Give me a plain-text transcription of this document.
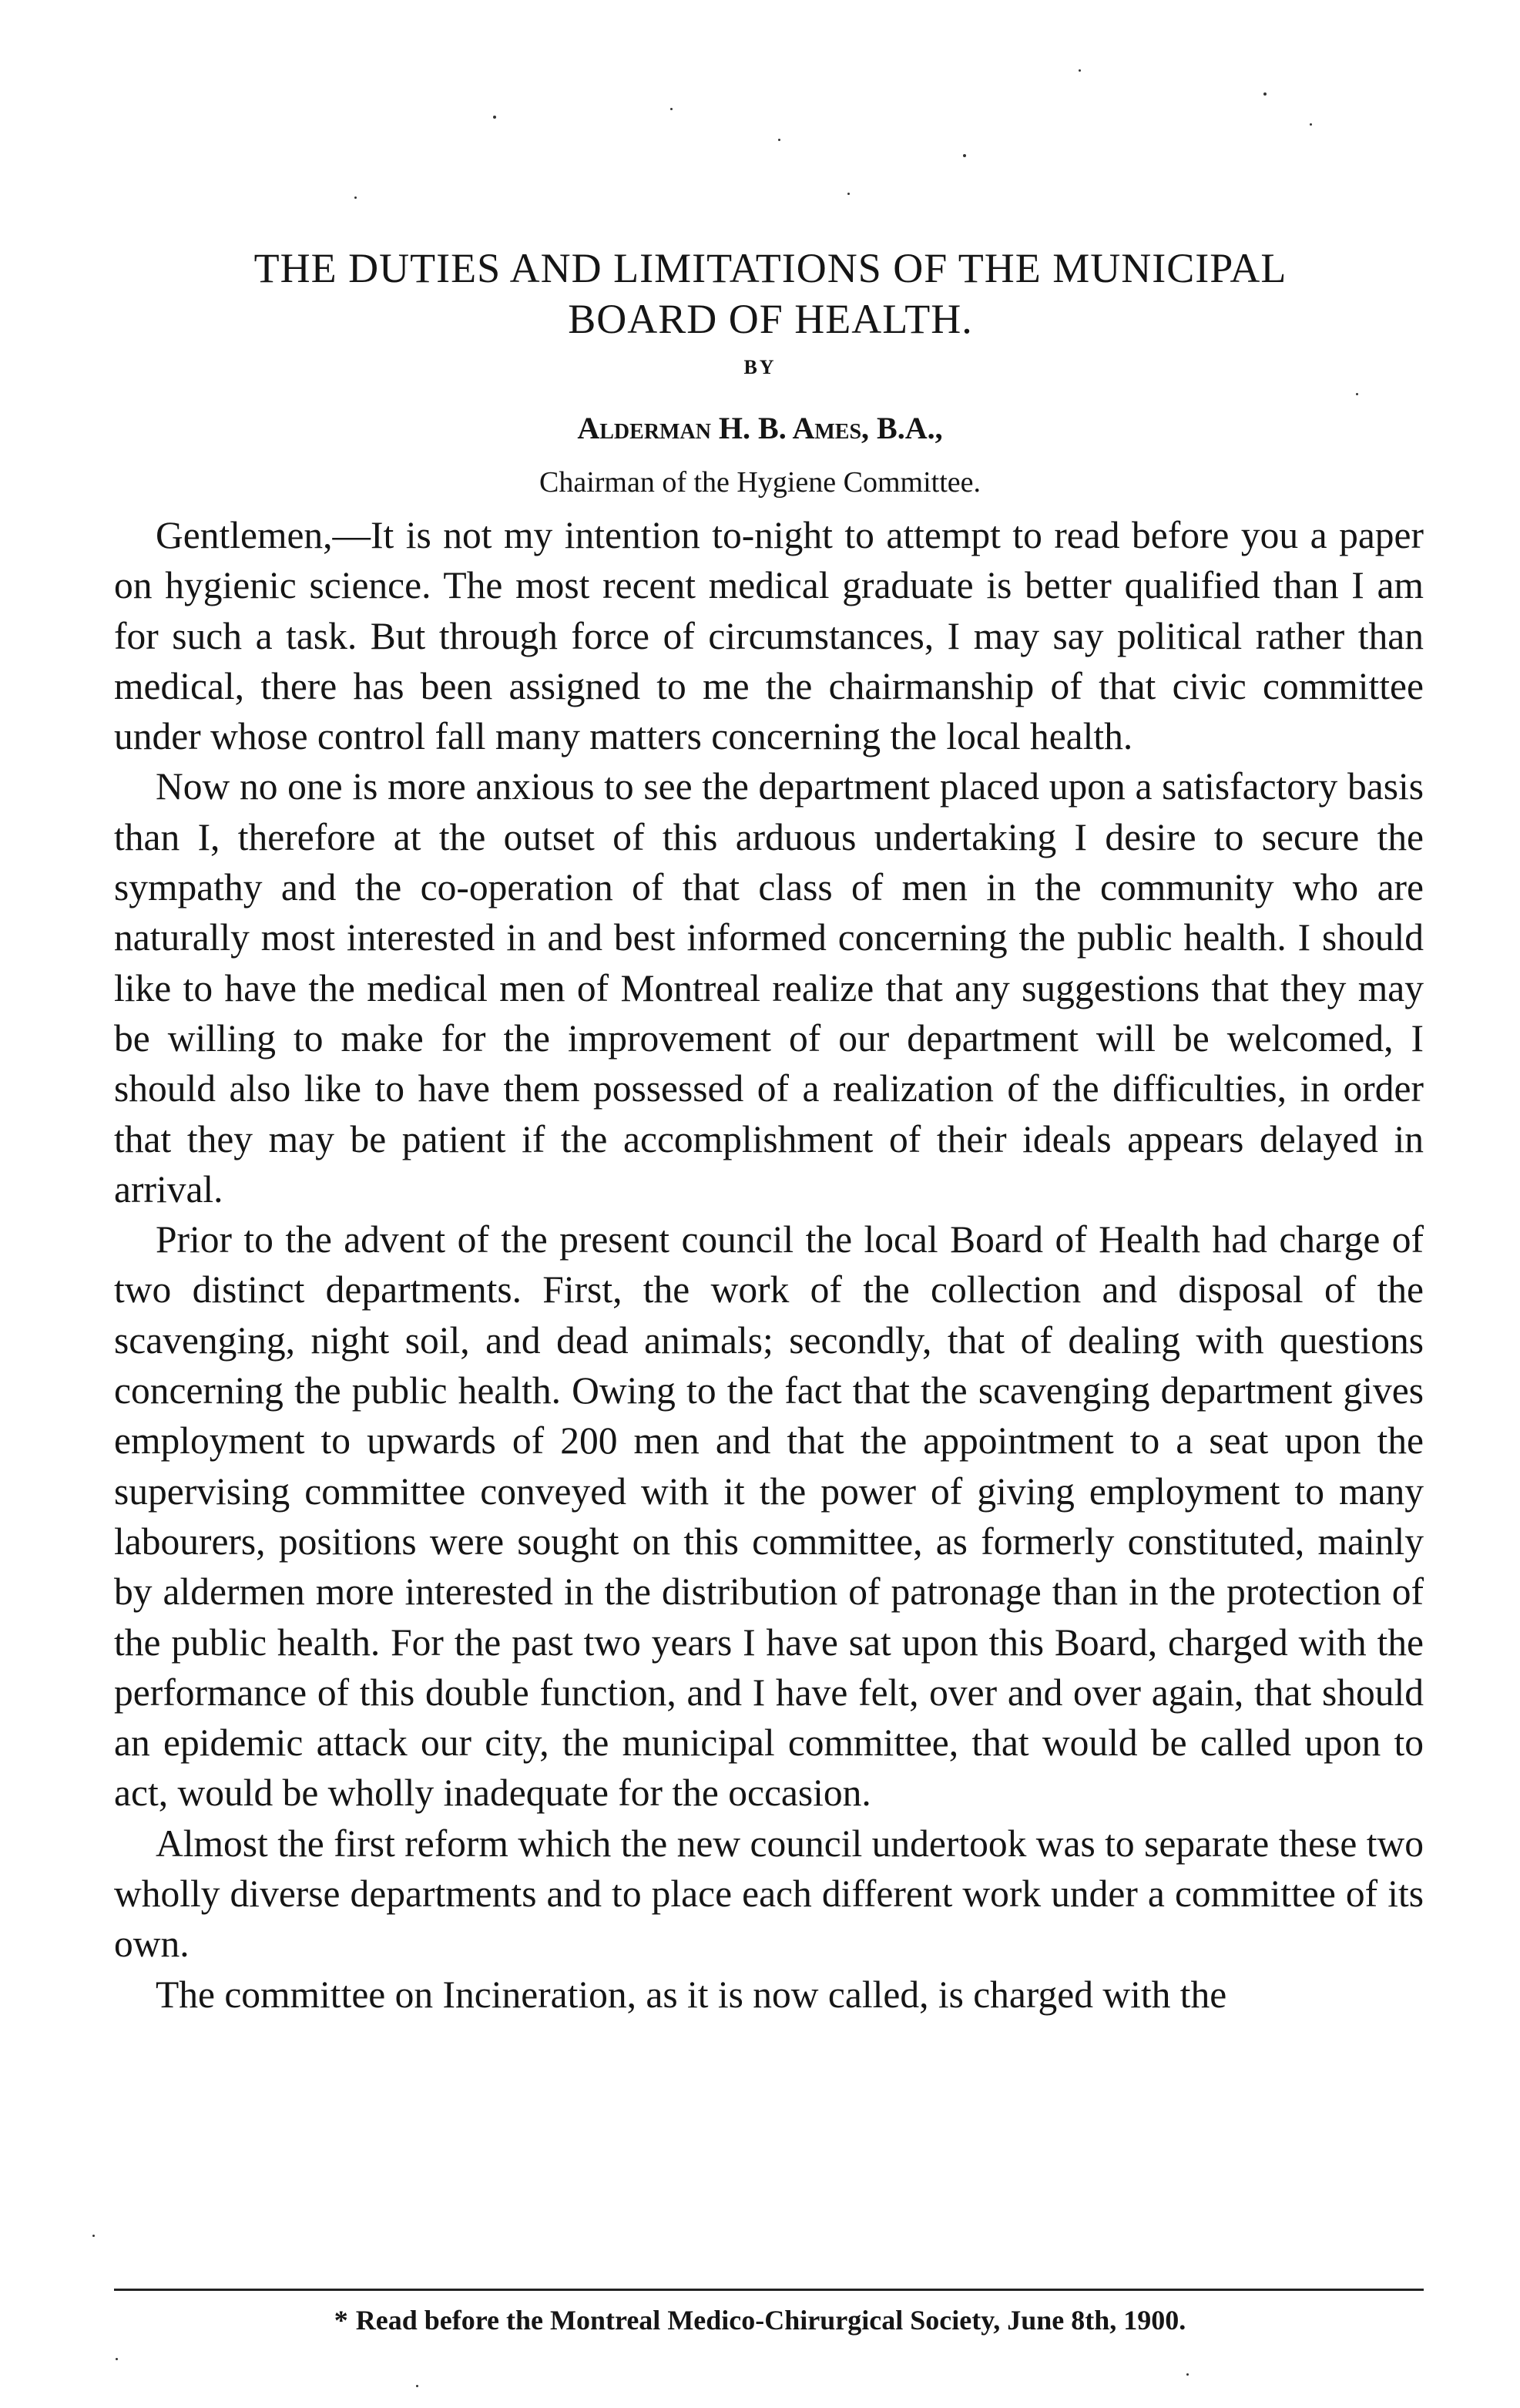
THE DUTIES AND LIMITATIONS OF THE MUNICIPAL
BOARD OF HEALTH.
BY
Alderman H. B. Ames, B.A.,
Chairman of the Hygiene Committee.

Gentlemen,—It is not my intention to-night to attempt to read before you a paper on hygienic science. The most recent medical graduate is better qualified than I am for such a task. But through force of circumstances, I may say political rather than medical, there has been assigned to me the chairmanship of that civic committee under whose control fall many matters concerning the local health.

Now no one is more anxious to see the department placed upon a satisfactory basis than I, therefore at the outset of this arduous undertaking I desire to secure the sympathy and the co-operation of that class of men in the community who are naturally most interested in and best informed concerning the public health. I should like to have the medical men of Montreal realize that any suggestions that they may be willing to make for the improvement of our department will be welcomed, I should also like to have them possessed of a realization of the difficulties, in order that they may be patient if the accomplishment of their ideals appears delayed in arrival.

Prior to the advent of the present council the local Board of Health had charge of two distinct departments. First, the work of the collection and disposal of the scavenging, night soil, and dead animals; secondly, that of dealing with questions concerning the public health. Owing to the fact that the scavenging department gives employment to upwards of 200 men and that the appointment to a seat upon the supervising committee conveyed with it the power of giving employment to many labourers, positions were sought on this committee, as formerly constituted, mainly by aldermen more interested in the distribution of patronage than in the protection of the public health. For the past two years I have sat upon this Board, charged with the performance of this double function, and I have felt, over and over again, that should an epidemic attack our city, the municipal committee, that would be called upon to act, would be wholly inadequate for the occasion.

Almost the first reform which the new council undertook was to separate these two wholly diverse departments and to place each different work under a committee of its own.

The committee on Incineration, as it is now called, is charged with the

* Read before the Montreal Medico-Chirurgical Society, June 8th, 1900.
